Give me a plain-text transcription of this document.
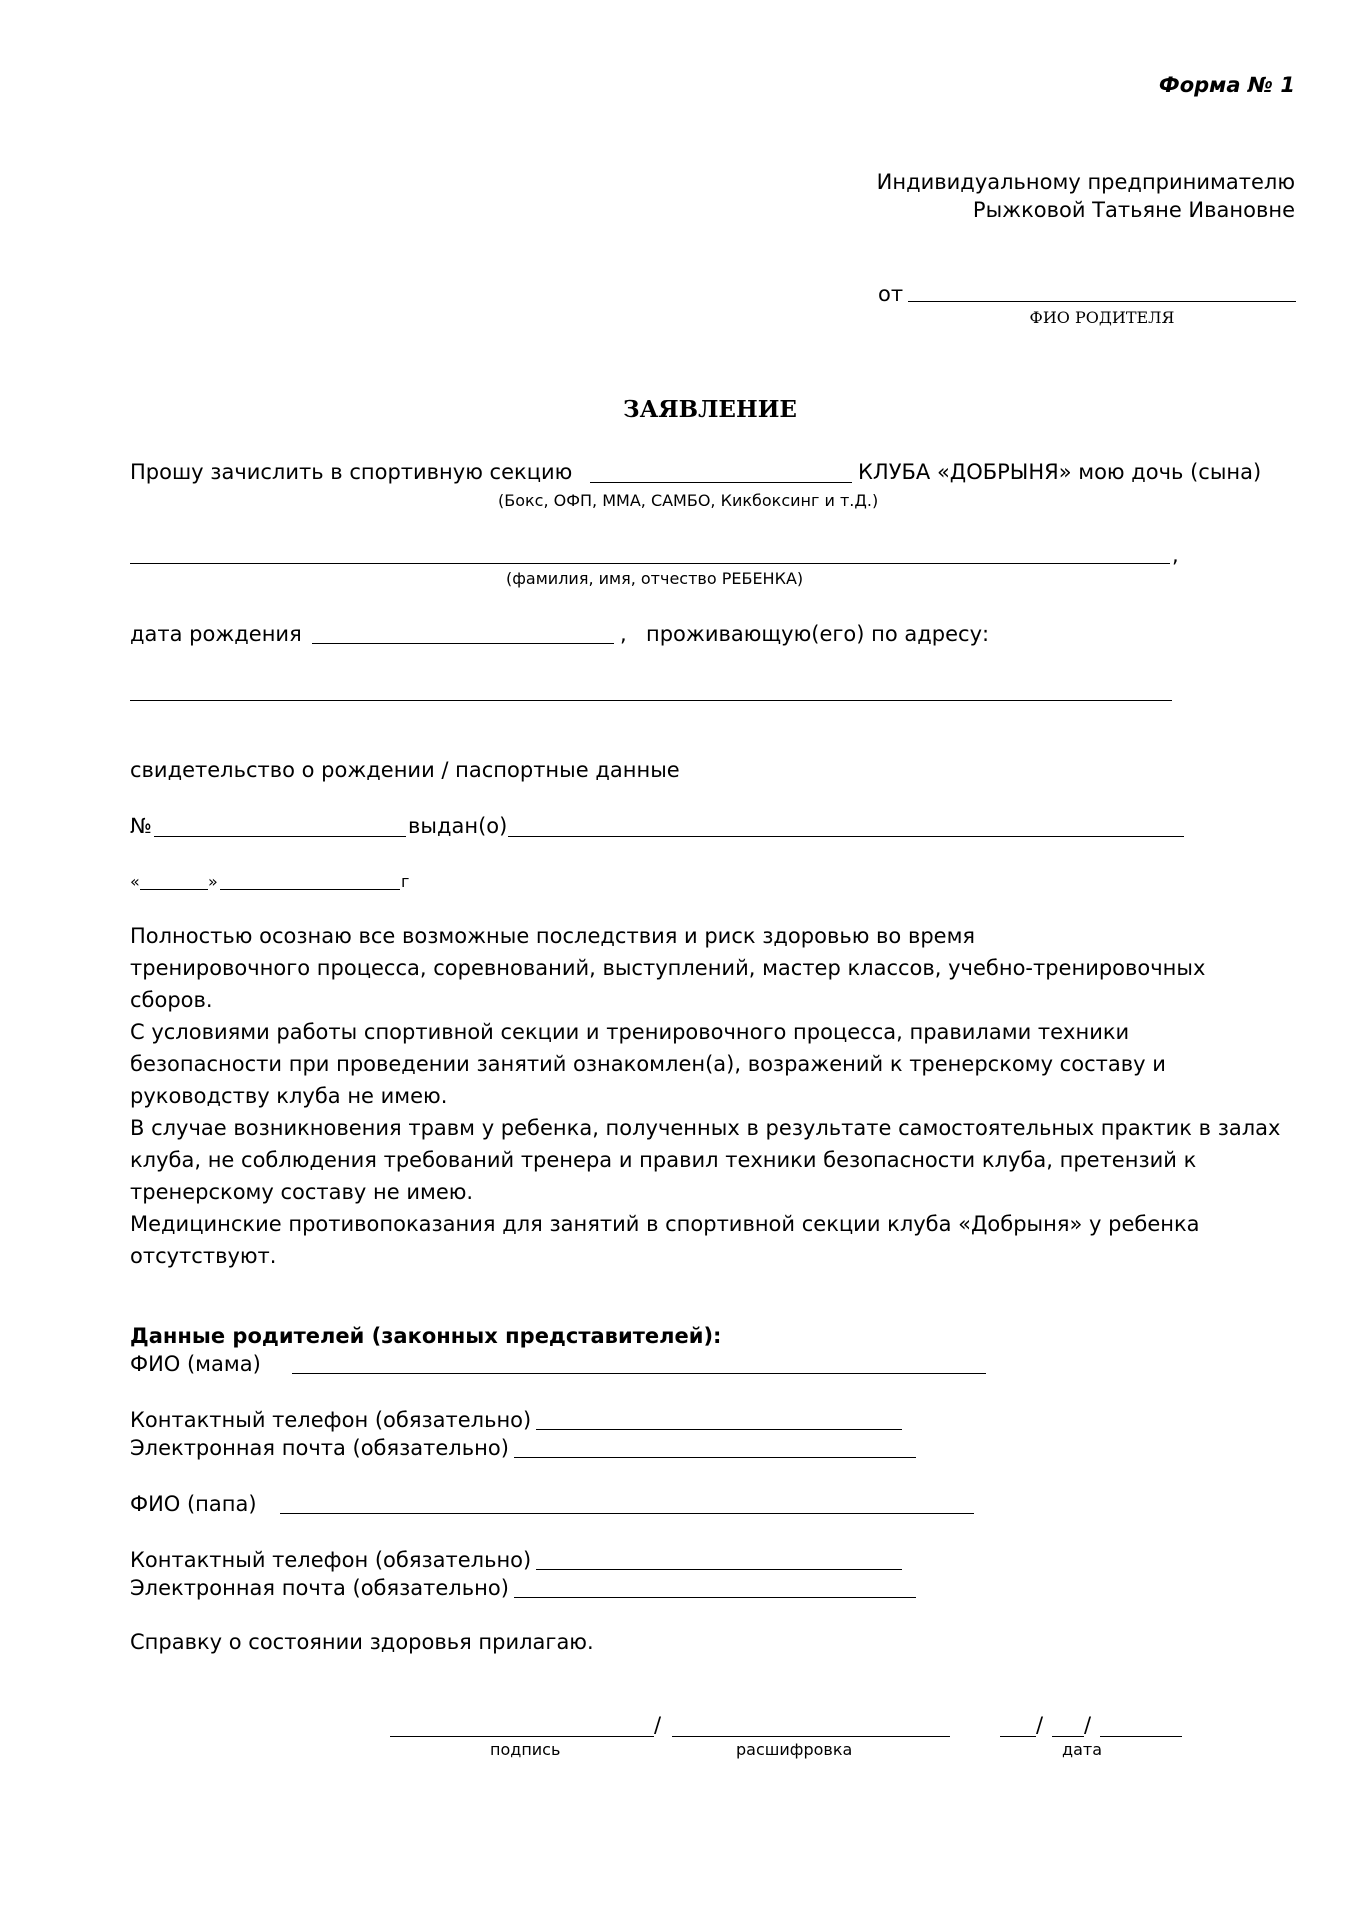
Форма № 1
Индивидуальному предпринимателю
Рыжковой Татьяне Ивановне
от
ФИО РОДИТЕЛЯ
ЗАЯВЛЕНИЕ
Прошу зачислить в спортивную секцию	КЛУБА «ДОБРЫНЯ» мою дочь (сына)
(Бокс, ОФП, ММА, САМБО, Кикбоксинг и т.Д.)
,
(фамилия, имя, отчество РЕБЕНКА)
дата рождения	, проживающую(его) по адресу:
свидетельство о рождении / паспортные данные
№	выдан(о)
«	»	г

Полностью осознаю все возможные последствия и риск здоровью во время

тренировочного процесса, соревнований, выступлений, мастер классов, учебно-тренировочных

сборов.

С условиями работы спортивной секции и тренировочного процесса, правилами техники

безопасности при проведении занятий ознакомлен(а), возражений к тренерскому составу и

руководству клуба не имею.

В случае возникновения травм у ребенка, полученных в результате самостоятельных практик в залах

клуба, не соблюдения требований тренера и правил техники безопасности клуба, претензий к

тренерскому составу не имею.

Медицинские противопоказания для занятий в спортивной секции клуба «Добрыня» у ребенка

отсутствуют.

Данные родителей (законных представителей):
ФИО (мама)
Контактный телефон (обязательно)
Электронная почта (обязательно)
ФИО (папа)
Контактный телефон (обязательно)
Электронная почта (обязательно)
Справку о состоянии здоровья прилагаю.
/	/ /
подпись	расшифровка	дата
